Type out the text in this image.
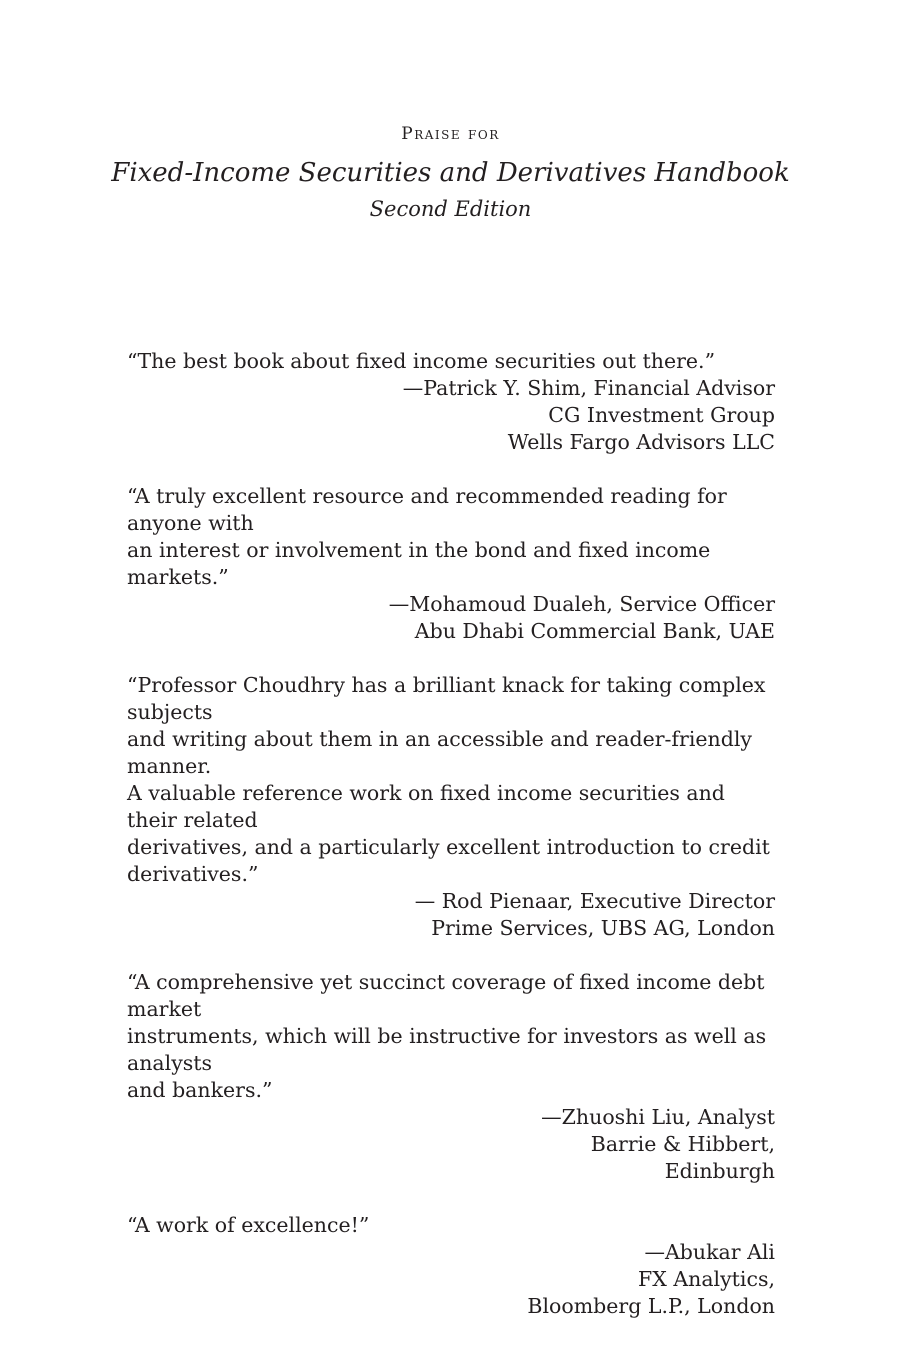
Praise for
Fixed-Income Securities and Derivatives Handbook
Second Edition
“The best book about fixed income securities out there.”
—Patrick Y. Shim, Financial Advisor
CG Investment Group
Wells Fargo Advisors LLC
“A truly excellent resource and recommended reading for anyone with
an interest or involvement in the bond and fixed income markets.”
—Mohamoud Dualeh, Service Officer
Abu Dhabi Commercial Bank, UAE
“Professor Choudhry has a brilliant knack for taking complex subjects
and writing about them in an accessible and reader-friendly manner.
A valuable reference work on fixed income securities and their related
derivatives, and a particularly excellent introduction to credit derivatives.”
— Rod Pienaar, Executive Director
Prime Services, UBS AG, London
“A comprehensive yet succinct coverage of fixed income debt market
instruments, which will be instructive for investors as well as analysts
and bankers.”
—Zhuoshi Liu, Analyst
Barrie & Hibbert,
Edinburgh
“A work of excellence!”
—Abukar Ali
FX Analytics,
Bloomberg L.P., London
